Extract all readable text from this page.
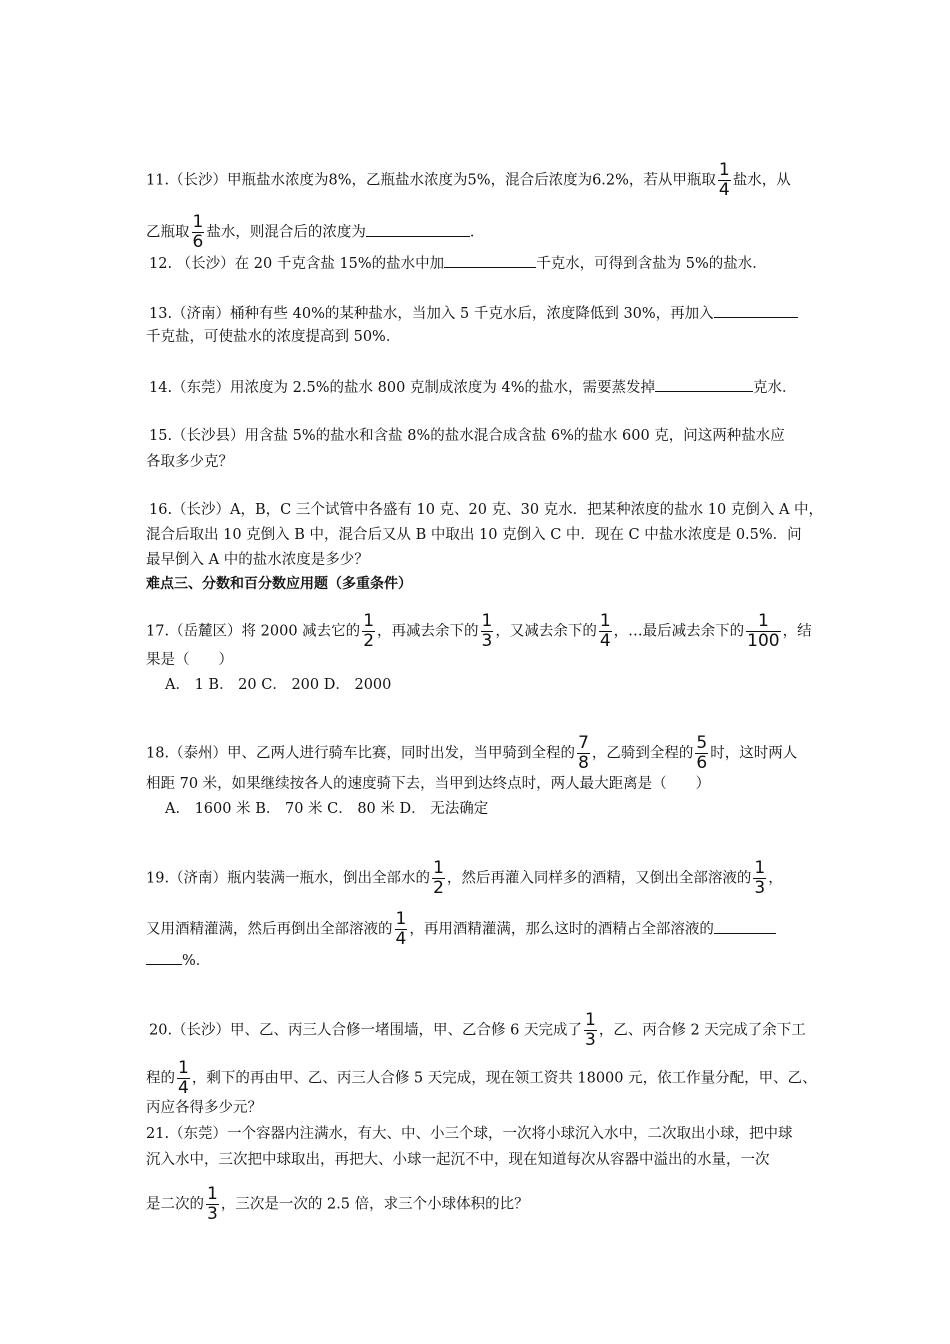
11.（长沙）甲瓶盐水浓度为8%，乙瓶盐水浓度为5%，混合后浓度为6.2%，若从甲瓶取 $\frac{1}{4}$ 盐水，从
乙瓶取 $\frac{1}{6}$ 盐水，则混合后的浓度为	．
12. （长沙）在 20 千克含盐 15%的盐水中加	千克水，可得到含盐为 5%的盐水．
13.（济南）桶种有些 40%的某种盐水，当加入 5 千克水后，浓度降低到 30%，再加入
千克盐，可使盐水的浓度提高到 50%．
14.（东莞）用浓度为 2.5%的盐水 800 克制成浓度为 4%的盐水，需要蒸发掉	克水．
15.（长沙县）用含盐 5%的盐水和含盐 8%的盐水混合成含盐 6%的盐水 600 克，问这两种盐水应
各取多少克？
16.（长沙）A，B，C 三个试管中各盛有 10 克、20 克、30 克水．把某种浓度的盐水 10 克倒入 A 中，
混合后取出 10 克倒入 B 中，混合后又从 B 中取出 10 克倒入 C 中．现在 C 中盐水浓度是 0.5%．问
最早倒入 A 中的盐水浓度是多少？
难点三、分数和百分数应用题（多重条件）
17.（岳麓区）将 2000 减去它的 $\frac{1}{2}$ ，再减去余下的 $\frac{1}{3}$ ，又减去余下的 $\frac{1}{4}$ ，…最后减去余下的 $\frac{1}{100}$ ，结
果是（　　）
A． 1 B． 20 C． 200 D． 2000
18.（泰州）甲、乙两人进行骑车比赛，同时出发，当甲骑到全程的 $\frac{7}{8}$ ，乙骑到全程的 $\frac{5}{6}$ 时，这时两人
相距 70 米，如果继续按各人的速度骑下去，当甲到达终点时，两人最大距离是（　　）
A． 1600 米 B． 70 米 C． 80 米 D． 无法确定
19.（济南）瓶内装满一瓶水，倒出全部水的 $\frac{1}{2}$ ，然后再灌入同样多的酒精，又倒出全部溶液的 $\frac{1}{3}$ ，
又用酒精灌满，然后再倒出全部溶液的 $\frac{1}{4}$ ，再用酒精灌满，那么这时的酒精占全部溶液的
%．
20.（长沙）甲、乙、丙三人合修一堵围墙，甲、乙合修 6 天完成了 $\frac{1}{3}$ ，乙、丙合修 2 天完成了余下工
程的 $\frac{1}{4}$ ，剩下的再由甲、乙、丙三人合修 5 天完成，现在领工资共 18000 元，依工作量分配，甲、乙、
丙应各得多少元？
21.（东莞）一个容器内注满水，有大、中、小三个球，一次将小球沉入水中，二次取出小球，把中球
沉入水中，三次把中球取出，再把大、小球一起沉不中，现在知道每次从容器中溢出的水量，一次
是二次的 $\frac{1}{3}$ ，三次是一次的 2.5 倍，求三个小球体积的比？
